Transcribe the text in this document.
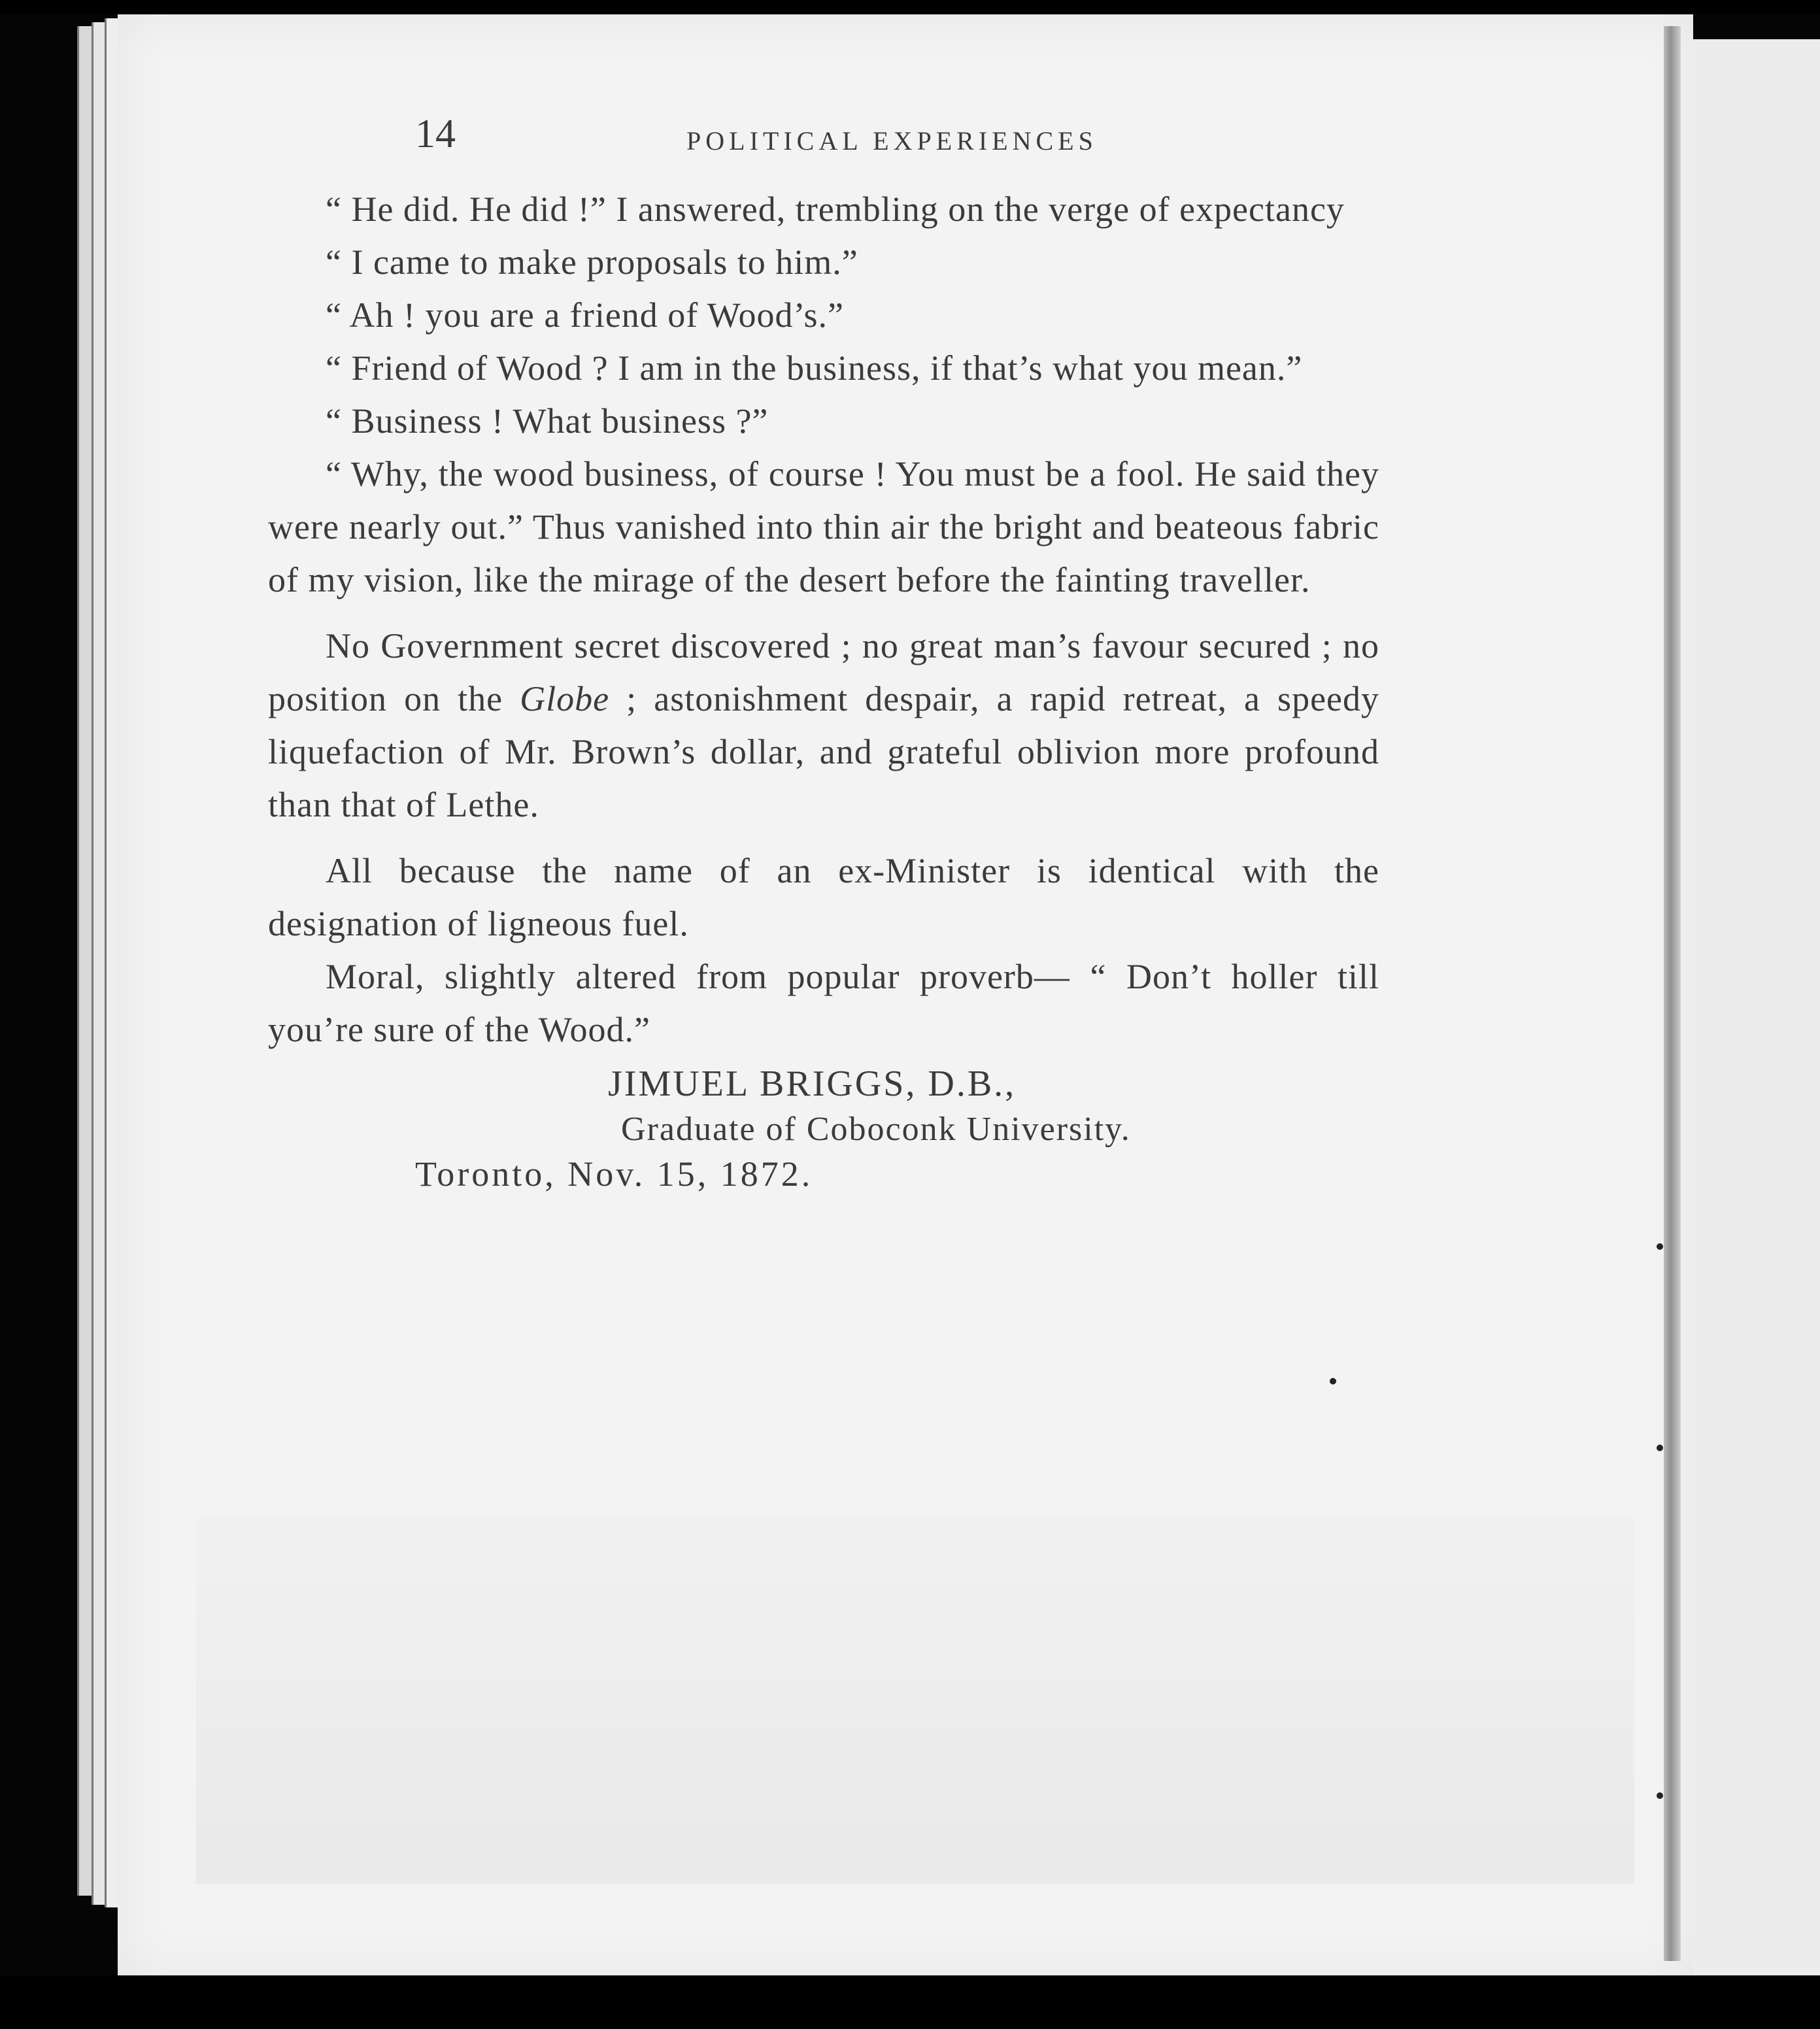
14	POLITICAL EXPERIENCES

“ He did. He did !” I answered, trembling on the verge of expectancy

“ I came to make proposals to him.”

“ Ah ! you are a friend of Wood’s.”

“ Friend of Wood ? I am in the business, if that’s what you mean.”

“ Business ! What business ?”

“ Why, the wood business, of course ! You must be a fool. He said they were nearly out.” Thus vanished into thin air the bright and beateous fabric of my vision, like the mirage of the desert before the fainting traveller.

No Government secret discovered ; no great man’s favour secured ; no position on the Globe ; astonishment despair, a rapid retreat, a speedy liquefaction of Mr. Brown’s dollar, and grateful oblivion more profound than that of Lethe.

All because the name of an ex-Minister is identical with the designation of ligneous fuel.

Moral, slightly altered from popular proverb— “ Don’t holler till you’re sure of the Wood.”

JIMUEL BRIGGS, D.B.,
Graduate of Coboconk University.
Toronto, Nov. 15, 1872.
